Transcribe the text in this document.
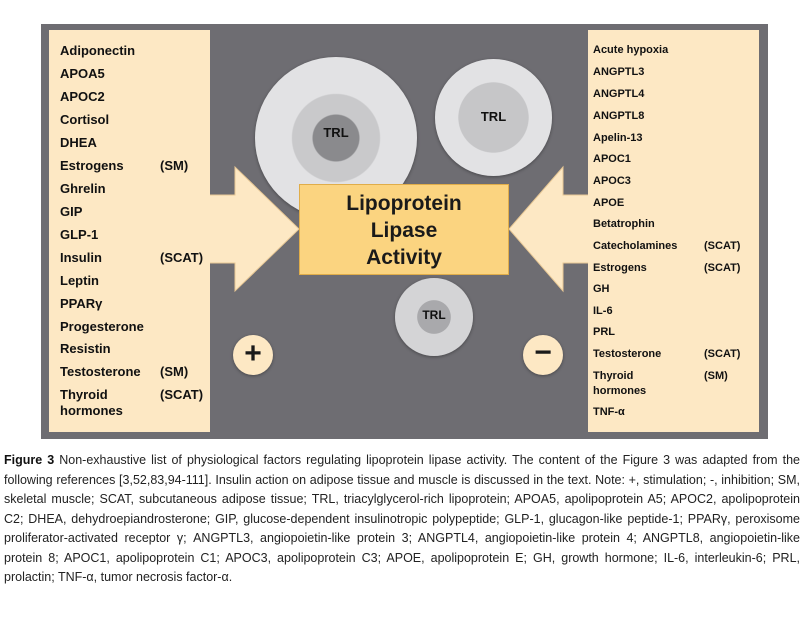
TRL
TRL
TRL
Lipoprotein
Lipase
Activity
+	−
Figure 3 Non-exhaustive list of physiological factors regulating lipoprotein lipase activity. The content of the Figure 3 was adapted from the following references [3,52,83,94-111]. Insulin action on adipose tissue and muscle is discussed in the text. Note: +, stimulation; -, inhibition; SM, skeletal muscle; SCAT, subcutaneous adipose tissue; TRL, triacylglycerol-rich lipoprotein; APOA5, apolipoprotein A5; APOC2, apolipoprotein C2; DHEA, dehydroepiandrosterone; GIP, glucose-dependent insulinotropic polypeptide; GLP-1, glucagon-like peptide-1; PPARγ, peroxisome proliferator-activated receptor γ; ANGPTL3, angiopoietin-like protein 3; ANGPTL4, angiopoietin-like protein 4; ANGPTL8, angiopoietin-like protein 8; APOC1, apolipoprotein C1; APOC3, apolipoprotein C3; APOE, apolipoprotein E; GH, growth hormone; IL-6, interleukin-6; PRL, prolactin; TNF-α, tumor necrosis factor-α.
Adiponectin
APOA5
APOC2
Cortisol
DHEA
Estrogens	(SM)
Ghrelin
GIP
GLP-1
Insulin	(SCAT)
Leptin
PPARγ
Progesterone
Resistin
Testosterone (SM)
Thyroid	(SCAT)
hormones
Acute hypoxia
ANGPTL3
ANGPTL4
ANGPTL8
Apelin-13
APOC1
APOC3
APOE
Betatrophin
Catecholamines (SCAT)
Estrogens	(SCAT)
GH
IL-6
PRL
Testosterone	(SCAT)
Thyroid	(SM)
hormones
TNF-α
